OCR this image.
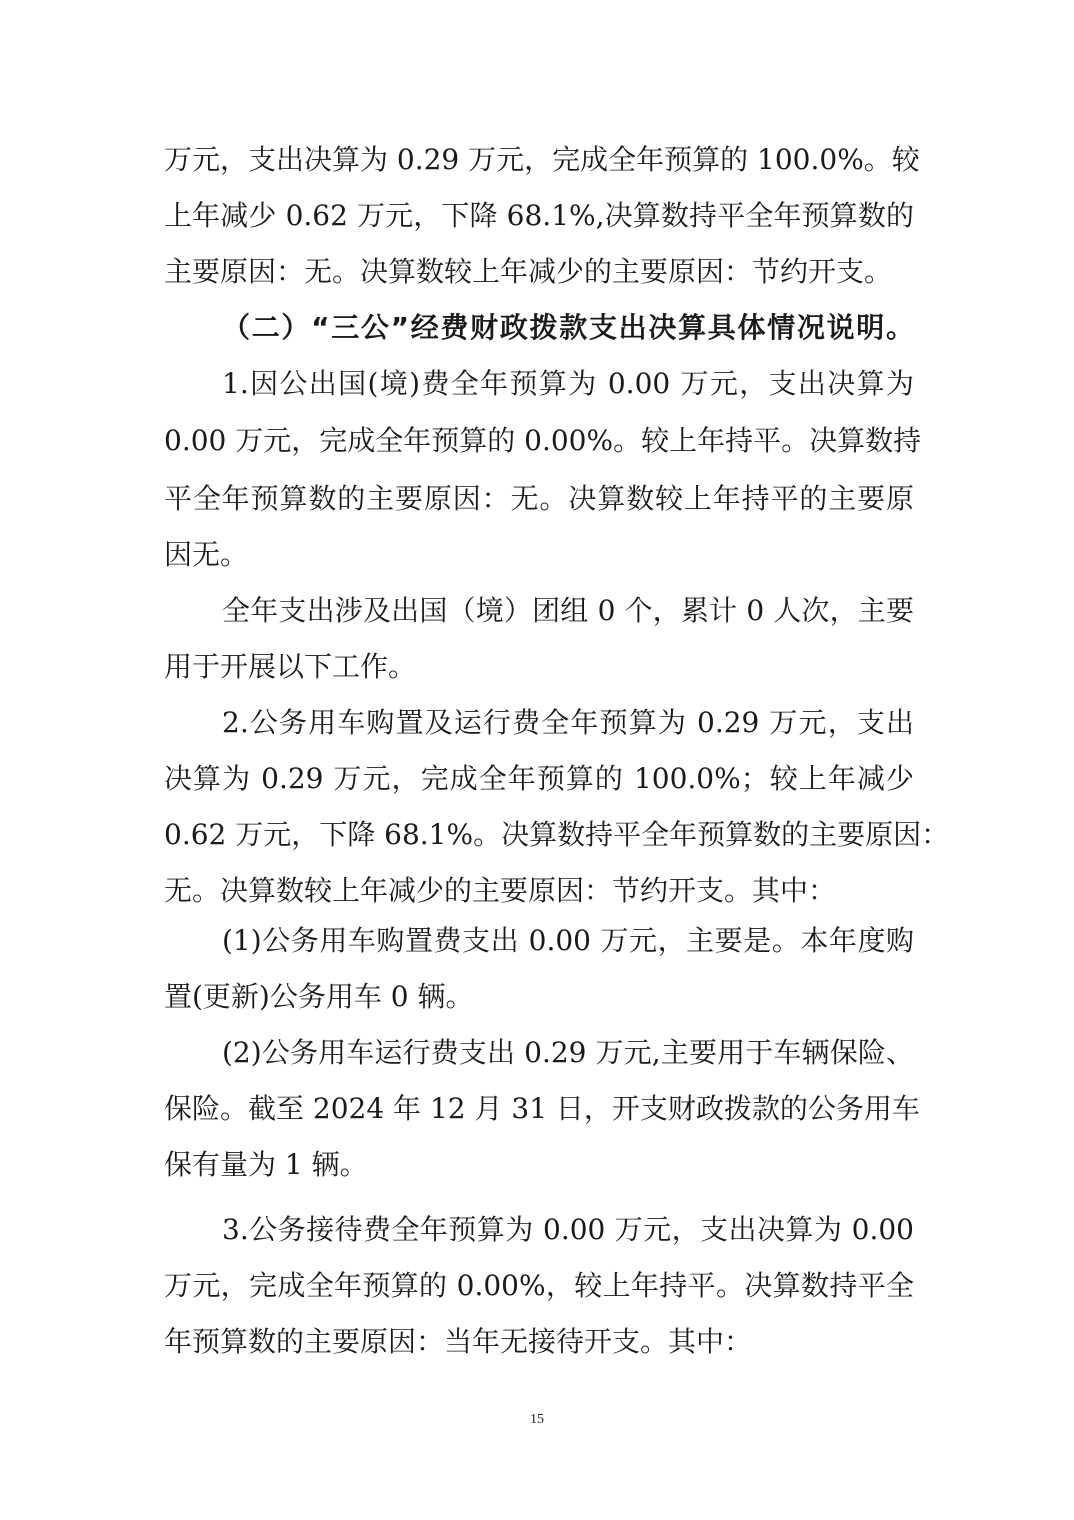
万元，支出决算为 0.29 万元，完成全年预算的 100.0%。较
上年减少 0.62 万元，下降 68.1%,决算数持平全年预算数的
主要原因：无。决算数较上年减少的主要原因：节约开支。
（二）“三公”经费财政拨款支出决算具体情况说明。
1.因公出国(境)费全年预算为 0.00 万元，支出决算为
0.00 万元，完成全年预算的 0.00%。较上年持平。决算数持
平全年预算数的主要原因：无。决算数较上年持平的主要原
因无。
全年支出涉及出国（境）团组 0 个，累计 0 人次，主要
用于开展以下工作。
2.公务用车购置及运行费全年预算为 0.29 万元，支出
决算为 0.29 万元，完成全年预算的 100.0%；较上年减少
0.62 万元，下降 68.1%。决算数持平全年预算数的主要原因：
无。决算数较上年减少的主要原因：节约开支。其中：
(1)公务用车购置费支出 0.00 万元，主要是。本年度购
置(更新)公务用车 0 辆。
(2)公务用车运行费支出 0.29 万元,主要用于车辆保险、
保险。截至 2024 年 12 月 31 日，开支财政拨款的公务用车
保有量为 1 辆。
3.公务接待费全年预算为 0.00 万元，支出决算为 0.00
万元，完成全年预算的 0.00%，较上年持平。决算数持平全
年预算数的主要原因：当年无接待开支。其中：
15
